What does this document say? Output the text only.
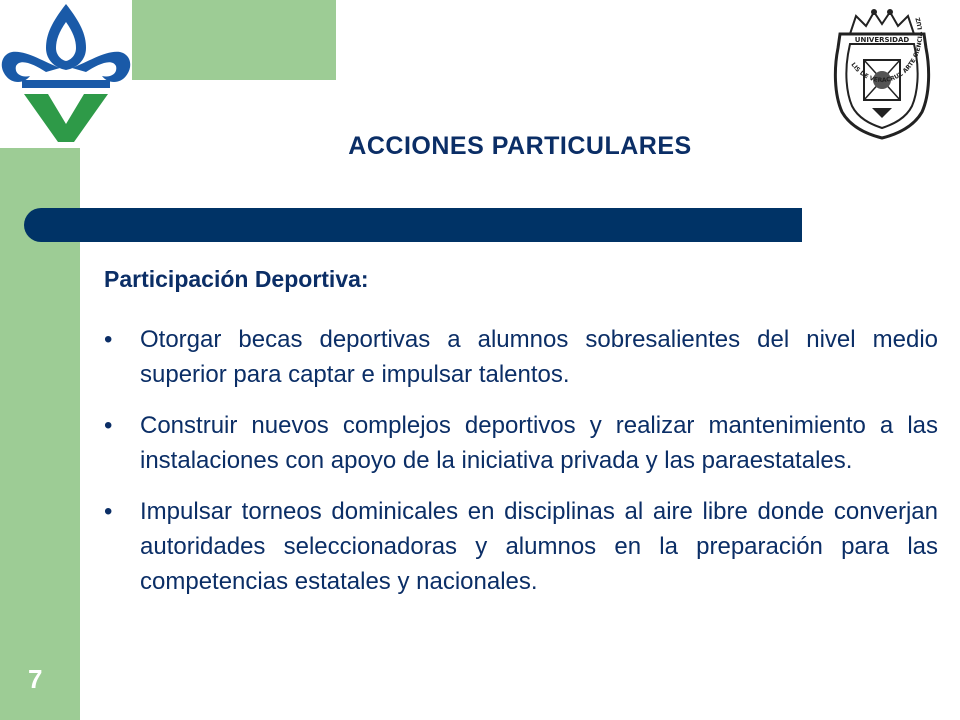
UNIVERSIDAD
LIS DE VERACRUZ ARTE CIENCIA LUZ
ACCIONES PARTICULARES
Participación Deportiva:
• Otorgar becas deportivas a alumnos sobresalientes del nivel medio superior para captar e impulsar talentos.
• Construir nuevos complejos deportivos y realizar mantenimiento a las instalaciones con apoyo de la iniciativa privada y las paraestatales.
• Impulsar torneos dominicales en disciplinas al aire libre donde converjan autoridades seleccionadoras y alumnos en la preparación para las competencias estatales y nacionales.
7
